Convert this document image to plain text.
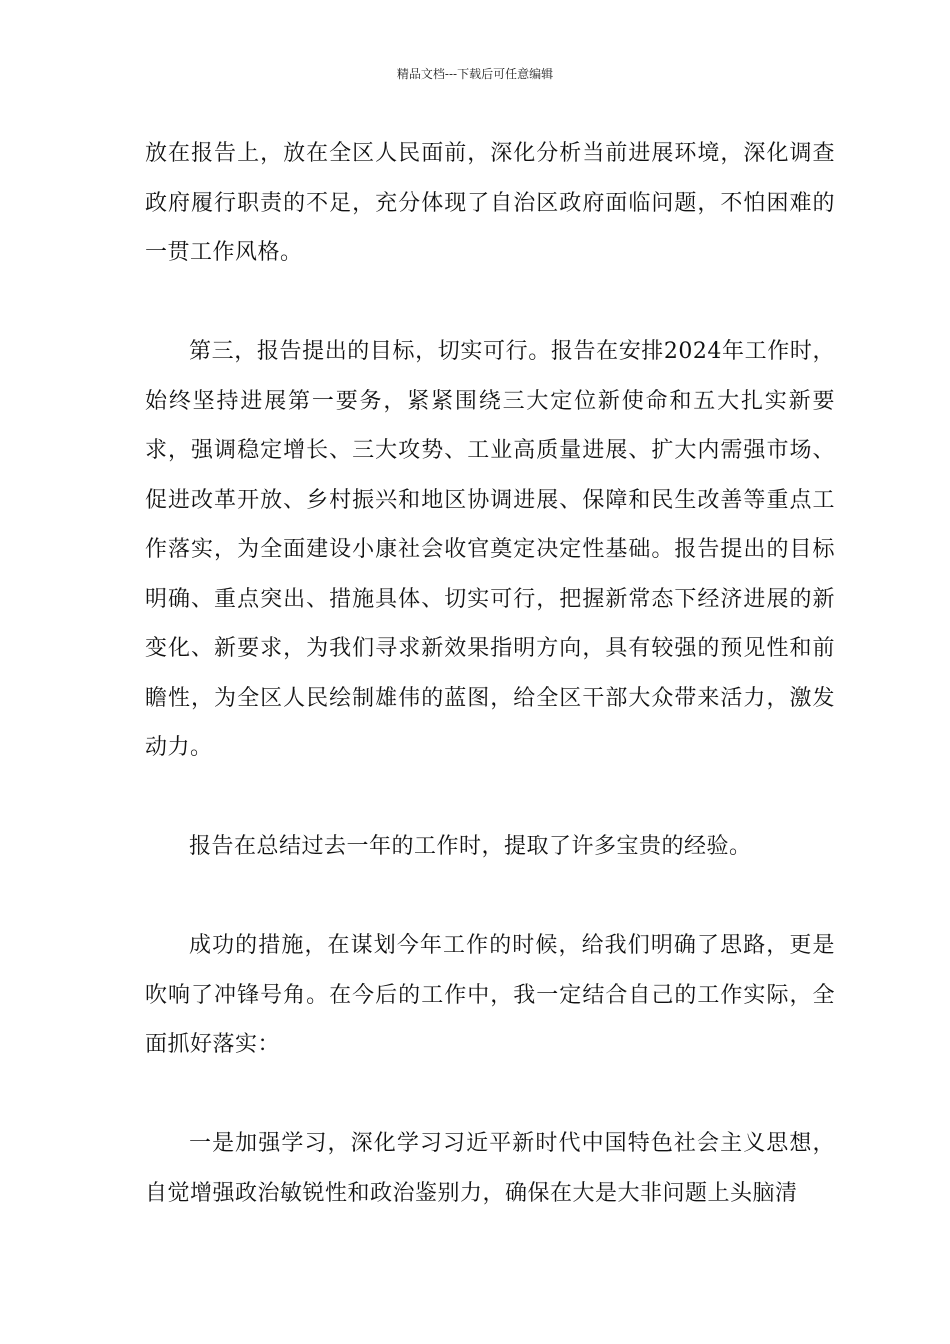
精品文档---下载后可任意编辑

放在报告上，放在全区人民面前，深化分析当前进展环境，深化调查政府履行职责的不足，充分体现了自治区政府面临问题，不怕困难的一贯工作风格。

第三，报告提出的目标，切实可行。报告在安排2024年工作时，始终坚持进展第一要务，紧紧围绕三大定位新使命和五大扎实新要求，强调稳定增长、三大攻势、工业高质量进展、扩大内需强市场、促进改革开放、乡村振兴和地区协调进展、保障和民生改善等重点工作落实，为全面建设小康社会收官奠定决定性基础。报告提出的目标明确、重点突出、措施具体、切实可行，把握新常态下经济进展的新变化、新要求，为我们寻求新效果指明方向，具有较强的预见性和前瞻性，为全区人民绘制雄伟的蓝图，给全区干部大众带来活力，激发动力。

报告在总结过去一年的工作时，提取了许多宝贵的经验。

成功的措施，在谋划今年工作的时候，给我们明确了思路，更是吹响了冲锋号角。在今后的工作中，我一定结合自己的工作实际，全面抓好落实：

一是加强学习，深化学习习近平新时代中国特色社会主义思想，自觉增强政治敏锐性和政治鉴别力，确保在大是大非问题上头脑清
